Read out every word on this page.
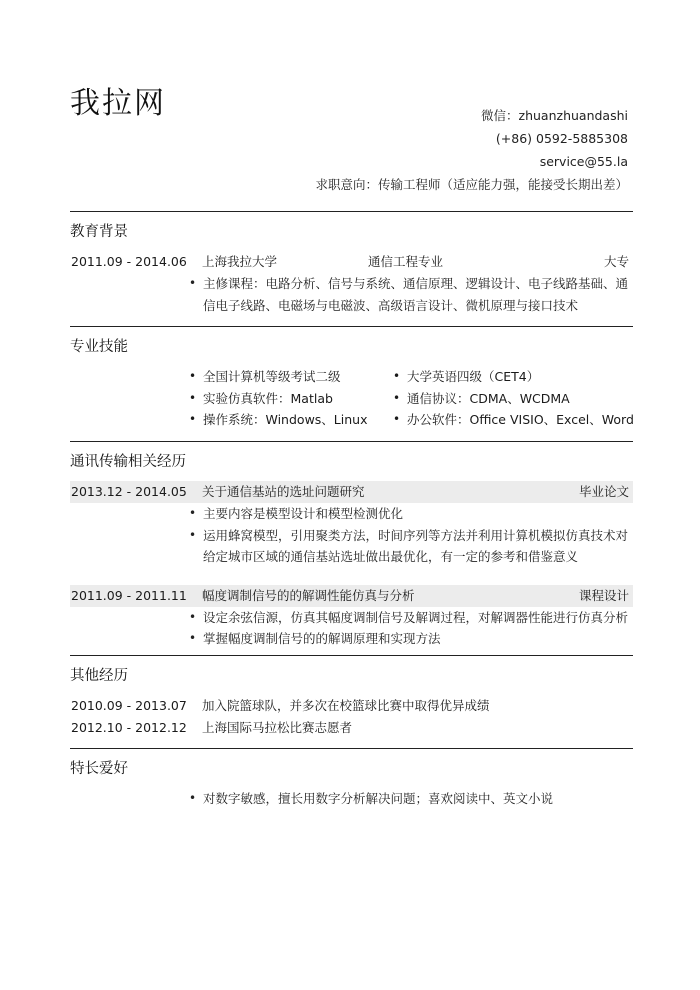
我拉网	微信：zhuanzhuandashi
(+86) 0592-5885308
service@55.la
求职意向：传输工程师（适应能力强，能接受长期出差）
教育背景
2011.09 - 2014.06 上海我拉大学	通信工程专业	大专
• 主修课程：电路分析、信号与系统、通信原理、逻辑设计、电子线路基础、通信电子线路、电磁场与电磁波、高级语言设计、微机原理与接口技术
专业技能
• 全国计算机等级考试二级
• 实验仿真软件：Matlab
• 操作系统：Windows、Linux
• 大学英语四级（CET4）
• 通信协议：CDMA、WCDMA
• 办公软件：Office VISIO、Excel、Word
通讯传输相关经历
2013.12 - 2014.05 关于通信基站的选址问题研究	毕业论文
• 主要内容是模型设计和模型检测优化
• 运用蜂窝模型，引用聚类方法，时间序列等方法并利用计算机模拟仿真技术对给定城市区域的通信基站选址做出最优化，有一定的参考和借鉴意义
2011.09 - 2011.11 幅度调制信号的的解调性能仿真与分析	课程设计
• 设定余弦信源，仿真其幅度调制信号及解调过程，对解调器性能进行仿真分析
• 掌握幅度调制信号的的解调原理和实现方法
其他经历
2010.09 - 2013.07 加入院篮球队，并多次在校篮球比赛中取得优异成绩
2012.10 - 2012.12 上海国际马拉松比赛志愿者
特长爱好
• 对数字敏感，擅长用数字分析解决问题；喜欢阅读中、英文小说
